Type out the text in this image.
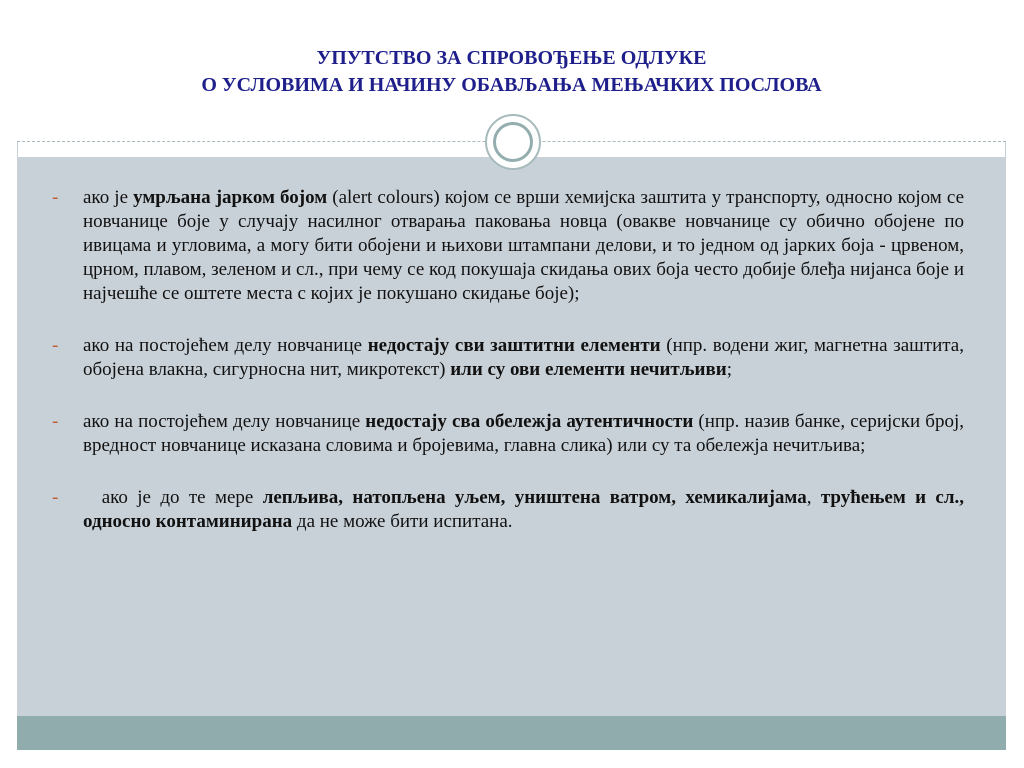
УПУТСТВО ЗА СПРОВОЂЕЊЕ ОДЛУКЕ
О УСЛОВИМА И НАЧИНУ ОБАВЉАЊА МЕЊАЧКИХ ПОСЛОВА
- ако је умрљана јарком бојом (alert colours) којом се врши хемијска заштита у транспорту, односно којом се новчанице боје у случају насилног отварања паковања новца (овакве новчанице су обично обојене по ивицама и угловима, а могу бити обојени и њихови штампани делови, и то једном од јарких боја - црвеном, црном, плавом, зеленом и сл., при чему се код покушаја скидања ових боја често добије блеђа нијанса боје и најчешће се оштете места с којих је покушано скидање боје);
- ако на постојећем делу новчанице недостају сви заштитни елементи (нпр. водени жиг, магнетна заштита, обојена влакна, сигурносна нит, микротекст) или су ови елементи нечитљиви;
- ако на постојећем делу новчанице недостају сва обележја аутентичности (нпр. назив банке, серијски број, вредност новчанице исказана словима и бројевима, главна слика) или су та обележја нечитљива;
- ако је до те мере лепљива, натопљена уљем, уништена ватром, хемикалијама, трућењем и сл., односно контаминирана да не може бити испитана.
